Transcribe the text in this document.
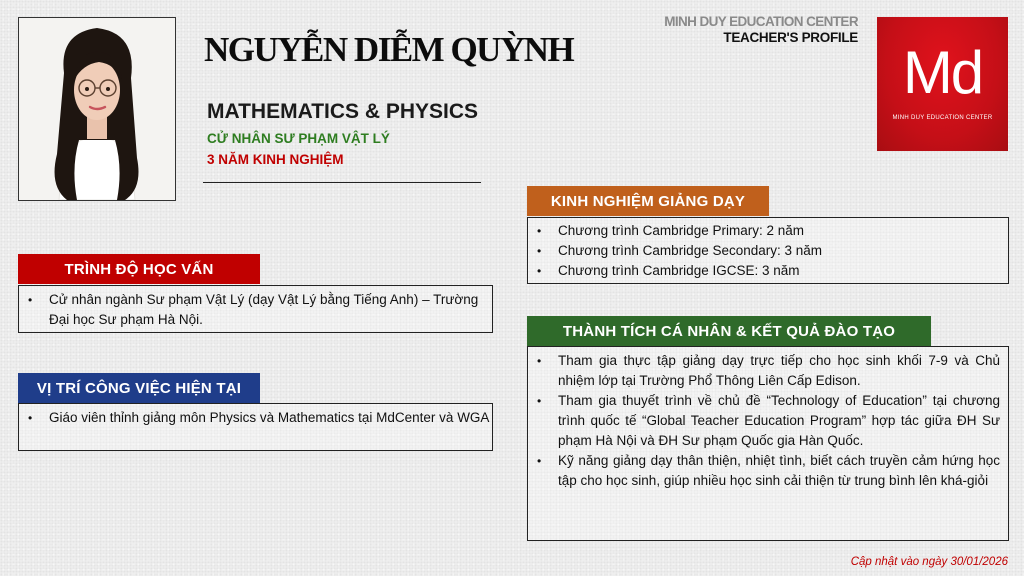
NGUYỄN DIỄM QUỲNH
MATHEMATICS & PHYSICS
CỬ NHÂN SƯ PHẠM VẬT LÝ
3 NĂM KINH NGHIỆM
MINH DUY EDUCATION CENTER
TEACHER'S PROFILE
Md
MINH DUY EDUCATION CENTER
TRÌNH ĐỘ HỌC VẤN
• Cử nhân ngành Sư phạm Vật Lý (dạy Vật Lý bằng Tiếng Anh) – Trường Đại học Sư phạm Hà Nội.
VỊ TRÍ CÔNG VIỆC HIỆN TẠI
• Giáo viên thỉnh giảng môn Physics và Mathematics tại MdCenter và WGA
KINH NGHIỆM GIẢNG DẠY
• Chương trình Cambridge Primary: 2 năm
• Chương trình Cambridge Secondary: 3 năm
• Chương trình Cambridge IGCSE: 3 năm
THÀNH TÍCH CÁ NHÂN & KẾT QUẢ ĐÀO TẠO
• Tham gia thực tập giảng dạy trực tiếp cho học sinh khối 7-9 và Chủ nhiệm lớp tại Trường Phổ Thông Liên Cấp Edison.
• Tham gia thuyết trình về chủ đề “Technology of Education” tại chương trình quốc tế “Global Teacher Education Program” hợp tác giữa ĐH Sư phạm Hà Nội và ĐH Sư phạm Quốc gia Hàn Quốc.
• Kỹ năng giảng dạy thân thiện, nhiệt tình, biết cách truyền cảm hứng học tập cho học sinh, giúp nhiều học sinh cải thiện từ trung bình lên khá-giỏi
Cập nhật vào ngày 30/01/2026
